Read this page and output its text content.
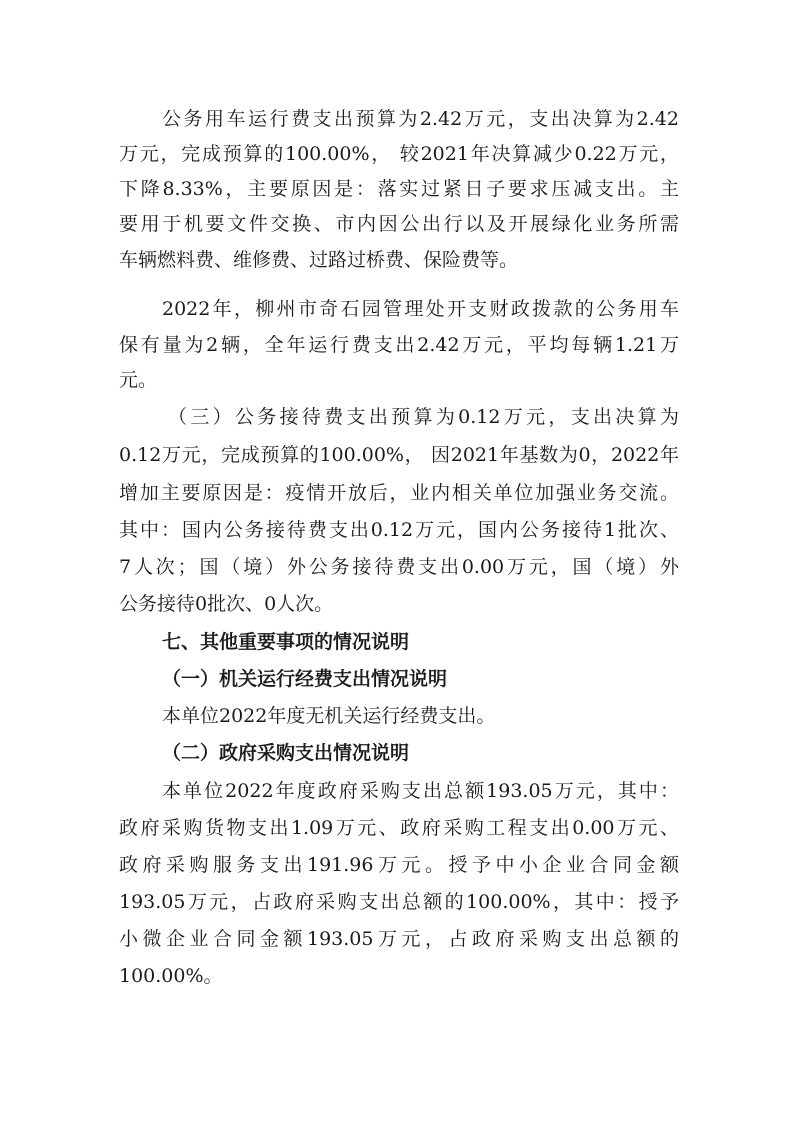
公务用车运行费支出预算为2.42万元，支出决算为2.42
万元，完成预算的100.00%， 较2021年决算减少0.22万元，
下降8.33%，主要原因是：落实过紧日子要求压减支出。主
要用于机要文件交换、市内因公出行以及开展绿化业务所需
车辆燃料费、维修费、过路过桥费、保险费等。
2022年，柳州市奇石园管理处开支财政拨款的公务用车
保有量为2辆，全年运行费支出2.42万元，平均每辆1.21万
元。
（三）公务接待费支出预算为0.12万元，支出决算为
0.12万元，完成预算的100.00%， 因2021年基数为0，2022年
增加主要原因是：疫情开放后，业内相关单位加强业务交流。
其中：国内公务接待费支出0.12万元，国内公务接待1批次、
7人次；国（境）外公务接待费支出0.00万元，国（境）外
公务接待0批次、0人次。
七、其他重要事项的情况说明
（一）机关运行经费支出情况说明
本单位2022年度无机关运行经费支出。
（二）政府采购支出情况说明
本单位2022年度政府采购支出总额193.05万元，其中：
政府采购货物支出1.09万元、政府采购工程支出0.00万元、
政府采购服务支出191.96万元。授予中小企业合同金额
193.05万元，占政府采购支出总额的100.00%，其中：授予
小微企业合同金额193.05万元，占政府采购支出总额的
100.00%。
